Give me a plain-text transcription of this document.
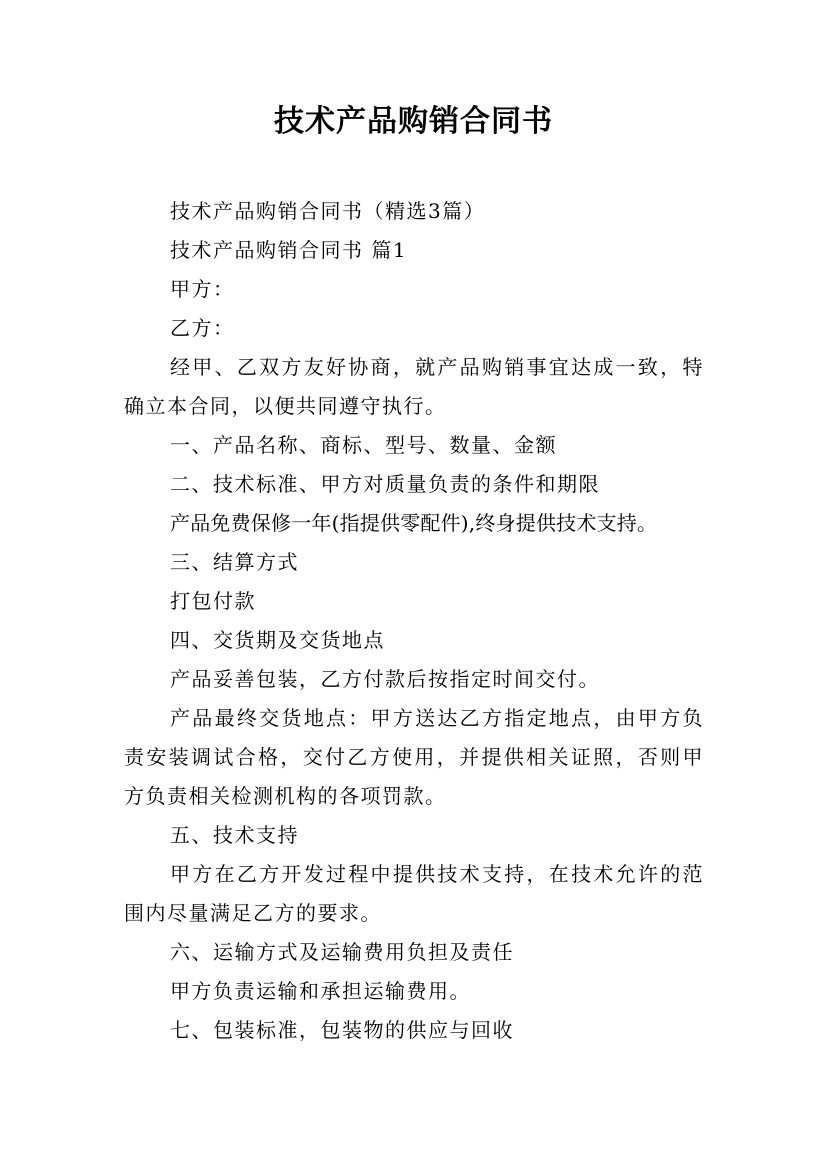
技术产品购销合同书

技术产品购销合同书（精选3篇）

技术产品购销合同书 篇1

甲方：

乙方：

经甲、乙双方友好协商，就产品购销事宜达成一致，特确立本合同，以便共同遵守执行。

一、产品名称、商标、型号、数量、金额

二、技术标准、甲方对质量负责的条件和期限

产品免费保修一年(指提供零配件),终身提供技术支持。

三、结算方式

打包付款

四、交货期及交货地点

产品妥善包装，乙方付款后按指定时间交付。

产品最终交货地点：甲方送达乙方指定地点，由甲方负责安装调试合格，交付乙方使用，并提供相关证照，否则甲方负责相关检测机构的各项罚款。

五、技术支持

甲方在乙方开发过程中提供技术支持，在技术允许的范围内尽量满足乙方的要求。

六、运输方式及运输费用负担及责任

甲方负责运输和承担运输费用。

七、包装标准，包装物的供应与回收
